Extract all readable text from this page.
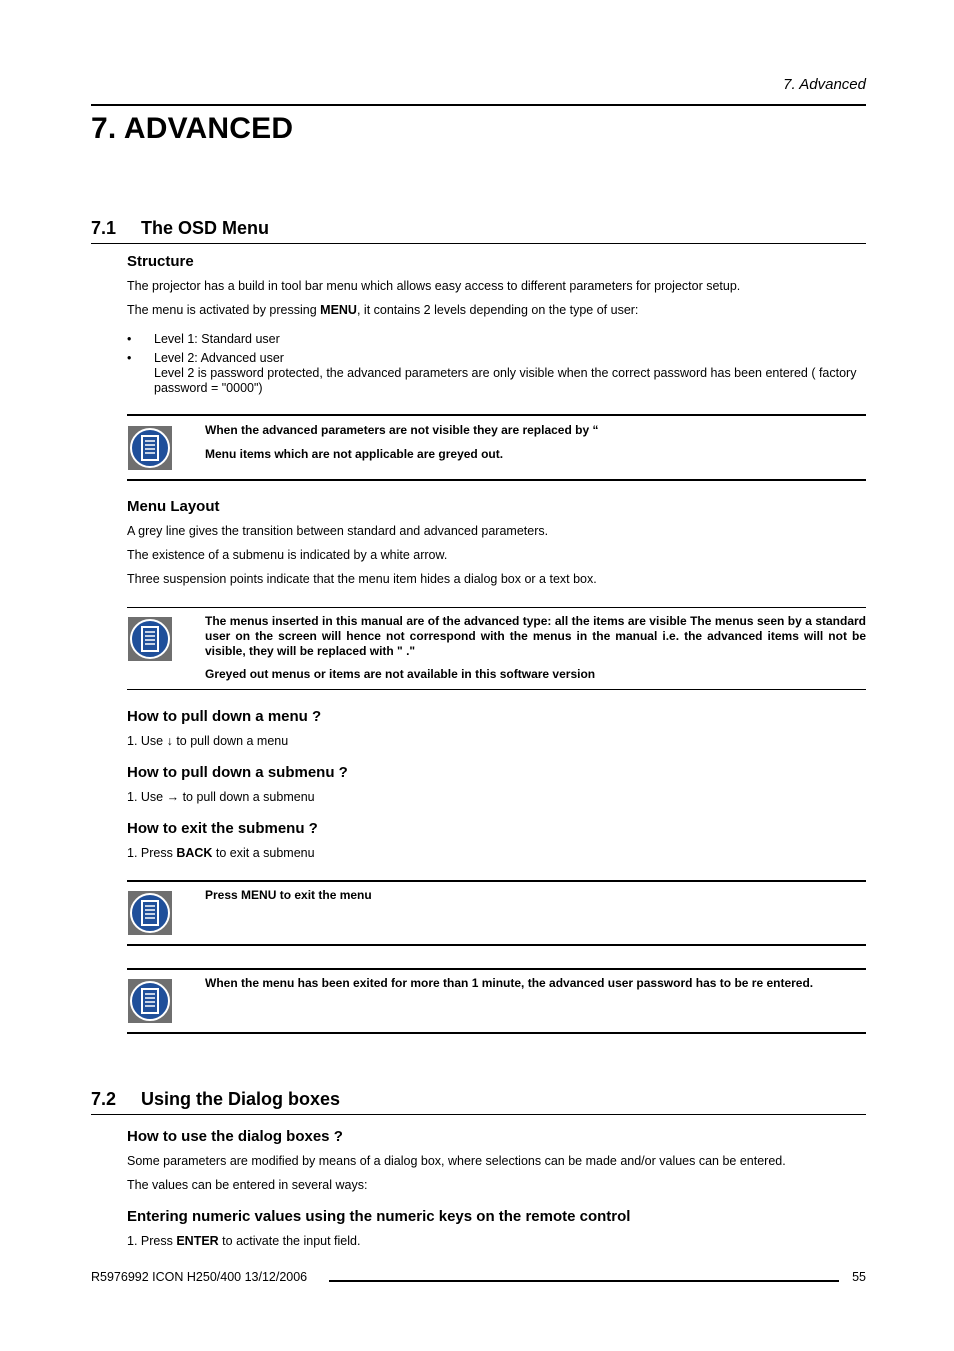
7. Advanced
7. ADVANCED
7.1 The OSD Menu
Structure
The projector has a build in tool bar menu which allows easy access to different parameters for projector setup.
The menu is activated by pressing MENU, it contains 2 levels depending on the type of user:
• Level 1: Standard user
• Level 2: Advanced user
Level 2 is password protected, the advanced parameters are only visible when the correct password has been entered ( factory password = "0000")
When the advanced parameters are not visible they are replaced by “
Menu items which are not applicable are greyed out.
Menu Layout
A grey line gives the transition between standard and advanced parameters.
The existence of a submenu is indicated by a white arrow.
Three suspension points indicate that the menu item hides a dialog box or a text box.
The menus inserted in this manual are of the advanced type: all the items are visible The menus seen by a standard user on the screen will hence not correspond with the menus in the manual i.e. the advanced items will not be visible, they will be replaced with " ."
Greyed out menus or items are not available in this software version
How to pull down a menu ?
1. Use ↓ to pull down a menu
How to pull down a submenu ?
1. Use → to pull down a submenu
How to exit the submenu ?
1. Press BACK to exit a submenu
Press MENU to exit the menu
When the menu has been exited for more than 1 minute, the advanced user password has to be re entered.
7.2 Using the Dialog boxes
How to use the dialog boxes ?
Some parameters are modified by means of a dialog box, where selections can be made and/or values can be entered.
The values can be entered in several ways:
Entering numeric values using the numeric keys on the remote control
1. Press ENTER to activate the input field.
R5976992 ICON H250/400 13/12/2006	55
